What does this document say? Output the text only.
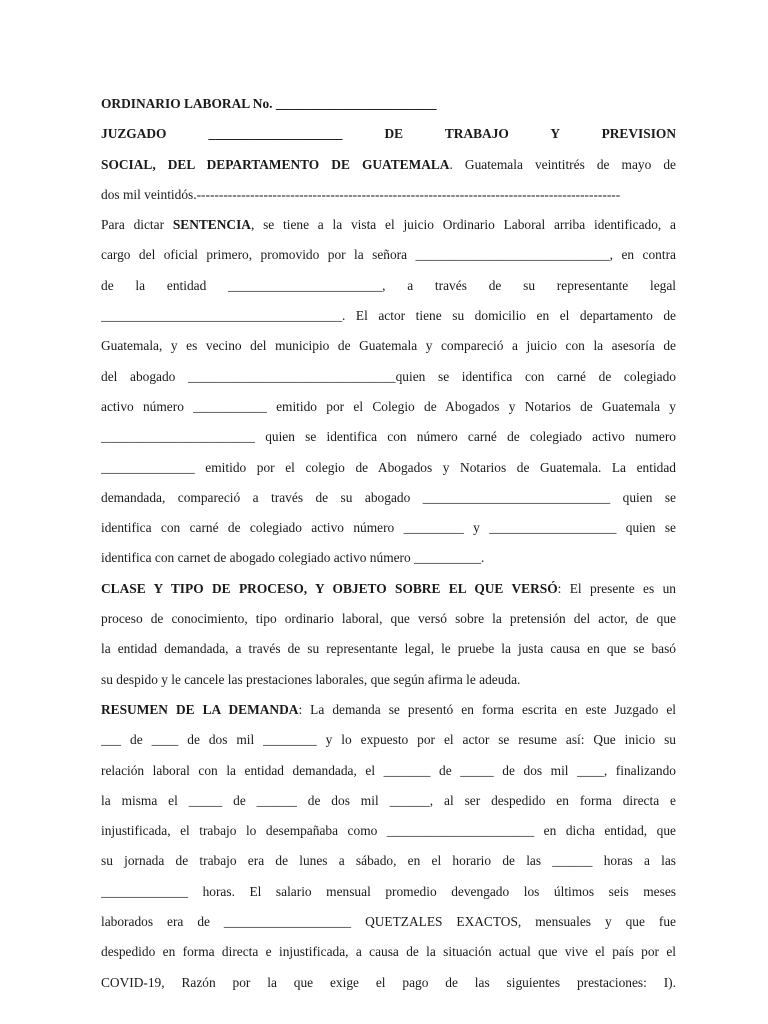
ORDINARIO LABORAL No. ________________________
JUZGADO ____________________ DE TRABAJO Y PREVISION
SOCIAL, DEL DEPARTAMENTO DE GUATEMALA. Guatemala veintitrés de mayo de
dos mil veintidós.-----------------------------------------------------------------------------------------------
Para dictar SENTENCIA, se tiene a la vista el juicio Ordinario Laboral arriba identificado, a
cargo del oficial primero, promovido por la señora _____________________________, en contra
de la entidad _______________________, a través de su representante legal
____________________________________. El actor tiene su domicilio en el departamento de
Guatemala, y es vecino del municipio de Guatemala y compareció a juicio con la asesoría de
del abogado _______________________________quien se identifica con carné de colegiado
activo número ___________ emitido por el Colegio de Abogados y Notarios de Guatemala y
_______________________ quien se identifica con número carné de colegiado activo numero
______________ emitido por el colegio de Abogados y Notarios de Guatemala. La entidad
demandada, compareció a través de su abogado ____________________________ quien se
identifica con carné de colegiado activo número _________ y ___________________ quien se
identifica con carnet de abogado colegiado activo número __________.
CLASE Y TIPO DE PROCESO, Y OBJETO SOBRE EL QUE VERSÓ: El presente es un
proceso de conocimiento, tipo ordinario laboral, que versó sobre la pretensión del actor, de que
la entidad demandada, a través de su representante legal, le pruebe la justa causa en que se basó
su despido y le cancele las prestaciones laborales, que según afirma le adeuda.
RESUMEN DE LA DEMANDA: La demanda se presentó en forma escrita en este Juzgado el
___ de ____ de dos mil ________ y lo expuesto por el actor se resume así: Que inicio su
relación laboral con la entidad demandada, el _______ de _____ de dos mil ____, finalizando
la misma el _____ de ______ de dos mil ______, al ser despedido en forma directa e
injustificada, el trabajo lo desempañaba como ______________________ en dicha entidad, que
su jornada de trabajo era de lunes a sábado, en el horario de las ______ horas a las
_____________ horas. El salario mensual promedio devengado los últimos seis meses
laborados era de ___________________ QUETZALES EXACTOS, mensuales y que fue
despedido en forma directa e injustificada, a causa de la situación actual que vive el país por el
COVID-19, Razón por la que exige el pago de las siguientes prestaciones: I).
